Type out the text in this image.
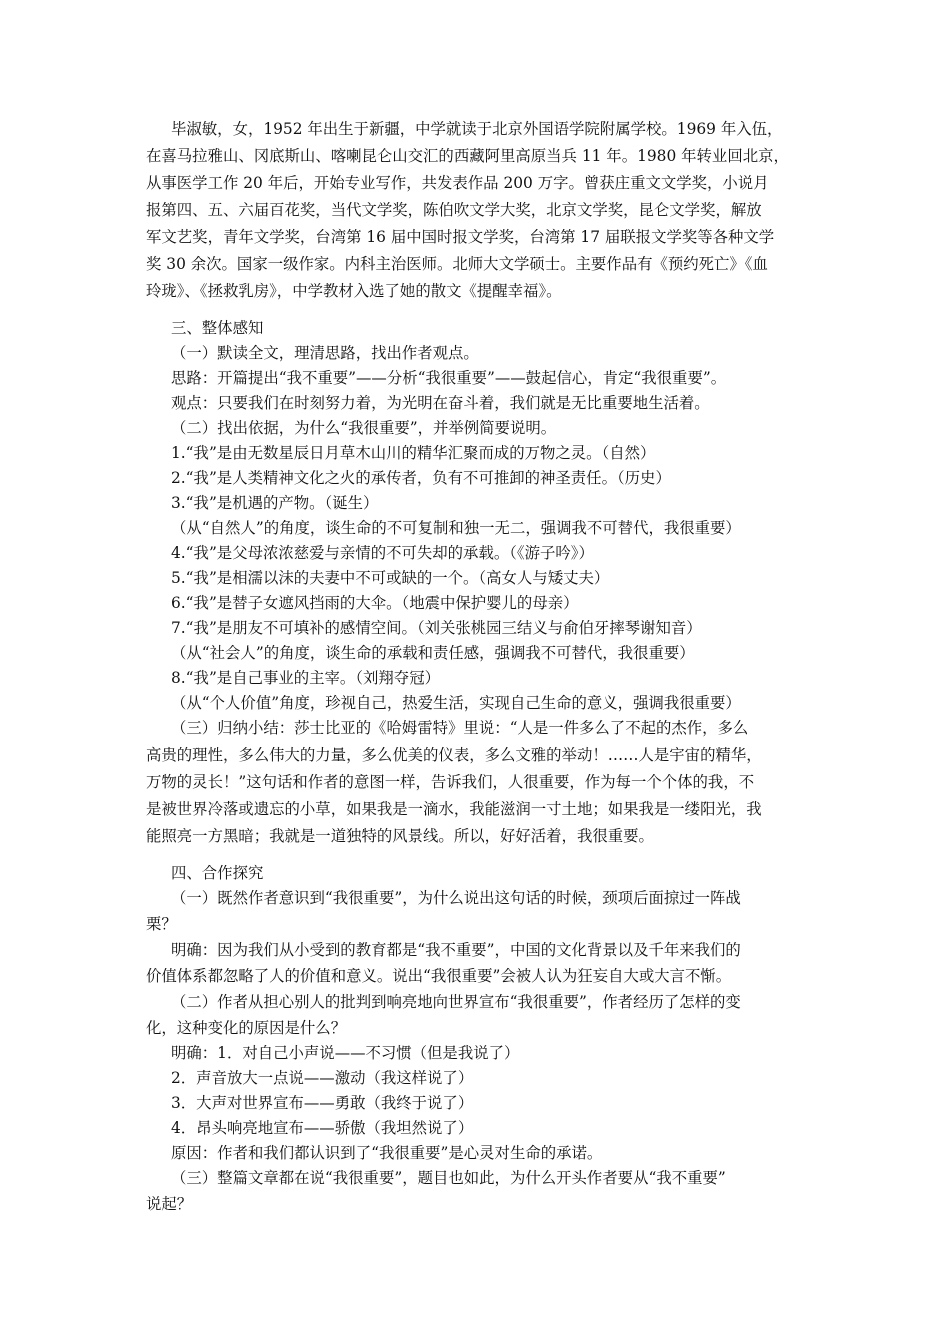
毕淑敏，女，1952 年出生于新疆，中学就读于北京外国语学院附属学校。1969 年入伍，

在喜马拉雅山、冈底斯山、喀喇昆仑山交汇的西藏阿里高原当兵 11 年。1980 年转业回北京，

从事医学工作 20 年后，开始专业写作，共发表作品 200 万字。曾获庄重文文学奖，小说月

报第四、五、六届百花奖，当代文学奖，陈伯吹文学大奖，北京文学奖，昆仑文学奖，解放

军文艺奖，青年文学奖，台湾第 16 届中国时报文学奖，台湾第 17 届联报文学奖等各种文学

奖 30 余次。国家一级作家。内科主治医师。北师大文学硕士。主要作品有《预约死亡》《血

玲珑》、《拯救乳房》，中学教材入选了她的散文《提醒幸福》。

三、整体感知

（一）默读全文，理清思路，找出作者观点。

思路：开篇提出“我不重要”——分析“我很重要”——鼓起信心，肯定“我很重要”。

观点：只要我们在时刻努力着，为光明在奋斗着，我们就是无比重要地生活着。

（二）找出依据，为什么“我很重要”，并举例简要说明。

1.“我”是由无数星辰日月草木山川的精华汇聚而成的万物之灵。（自然）

2.“我”是人类精神文化之火的承传者，负有不可推卸的神圣责任。（历史）

3.“我”是机遇的产物。（诞生）

（从“自然人”的角度，谈生命的不可复制和独一无二，强调我不可替代，我很重要）

4.“我”是父母浓浓慈爱与亲情的不可失却的承载。（《游子吟》）

5.“我”是相濡以沫的夫妻中不可或缺的一个。（高女人与矮丈夫）

6.“我”是替子女遮风挡雨的大伞。（地震中保护婴儿的母亲）

7.“我”是朋友不可填补的感情空间。（刘关张桃园三结义与俞伯牙摔琴谢知音）

（从“社会人”的角度，谈生命的承载和责任感，强调我不可替代，我很重要）

8.“我”是自己事业的主宰。（刘翔夺冠）

（从“个人价值”角度，珍视自己，热爱生活，实现自己生命的意义，强调我很重要）

（三）归纳小结：莎士比亚的《哈姆雷特》里说：“人是一件多么了不起的杰作，多么

高贵的理性，多么伟大的力量，多么优美的仪表，多么文雅的举动！……人是宇宙的精华，

万物的灵长！”这句话和作者的意图一样，告诉我们，人很重要，作为每一个个体的我，不

是被世界冷落或遗忘的小草，如果我是一滴水，我能滋润一寸土地；如果我是一缕阳光，我

能照亮一方黑暗；我就是一道独特的风景线。所以，好好活着，我很重要。

四、合作探究

（一）既然作者意识到“我很重要”，为什么说出这句话的时候，颈项后面掠过一阵战

栗？

明确：因为我们从小受到的教育都是“我不重要”，中国的文化背景以及千年来我们的

价值体系都忽略了人的价值和意义。说出“我很重要”会被人认为狂妄自大或大言不惭。

（二）作者从担心别人的批判到响亮地向世界宣布“我很重要”，作者经历了怎样的变

化，这种变化的原因是什么？

明确：1．对自己小声说——不习惯（但是我说了）

2．声音放大一点说——激动（我这样说了）

3．大声对世界宣布——勇敢（我终于说了）

4．昂头响亮地宣布——骄傲（我坦然说了）

原因：作者和我们都认识到了“我很重要”是心灵对生命的承诺。

（三）整篇文章都在说“我很重要”，题目也如此，为什么开头作者要从“我不重要”

说起？
